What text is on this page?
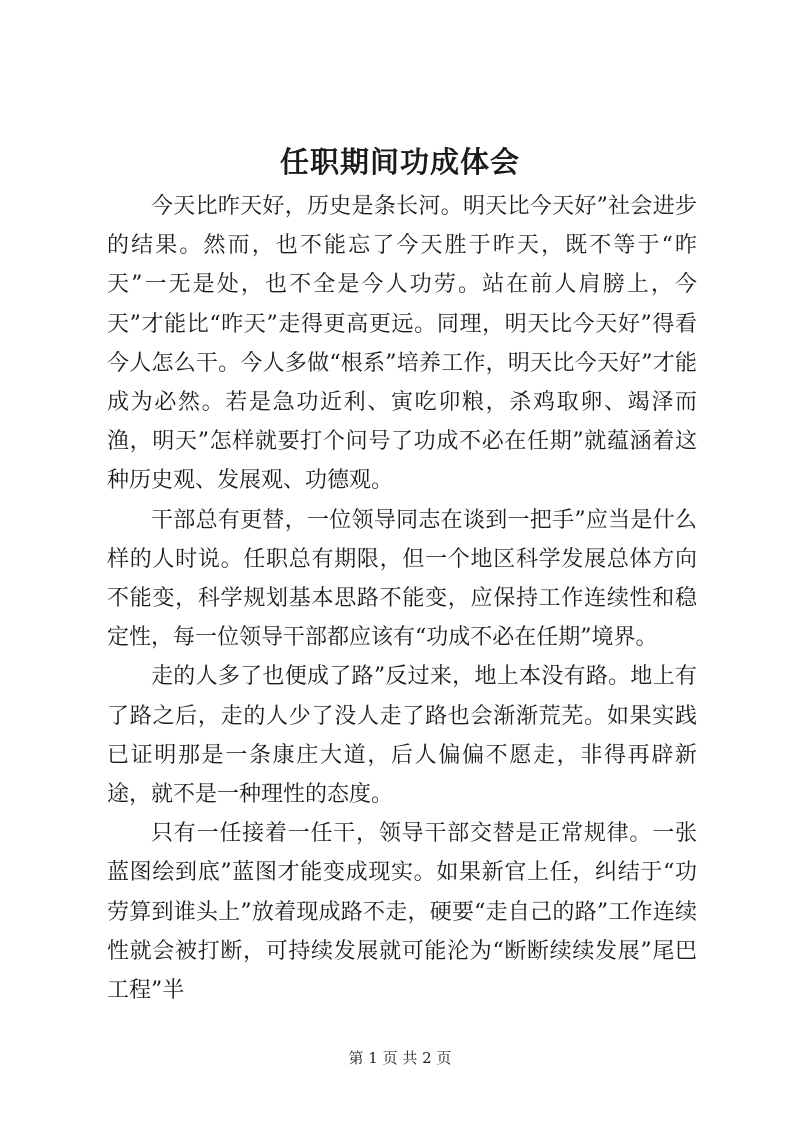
任职期间功成体会

今天比昨天好，历史是条长河。明天比今天好”社会进步的结果。然而，也不能忘了今天胜于昨天，既不等于“昨天”一无是处，也不全是今人功劳。站在前人肩膀上，今天”才能比“昨天”走得更高更远。同理，明天比今天好”得看今人怎么干。今人多做“根系”培养工作，明天比今天好”才能成为必然。若是急功近利、寅吃卯粮，杀鸡取卵、竭泽而渔，明天”怎样就要打个问号了功成不必在任期”就蕴涵着这种历史观、发展观、功德观。

干部总有更替，一位领导同志在谈到一把手”应当是什么样的人时说。任职总有期限，但一个地区科学发展总体方向不能变，科学规划基本思路不能变，应保持工作连续性和稳定性，每一位领导干部都应该有“功成不必在任期”境界。

走的人多了也便成了路”反过来，地上本没有路。地上有了路之后，走的人少了没人走了路也会渐渐荒芜。如果实践已证明那是一条康庄大道，后人偏偏不愿走，非得再辟新途，就不是一种理性的态度。

只有一任接着一任干，领导干部交替是正常规律。一张蓝图绘到底”蓝图才能变成现实。如果新官上任，纠结于“功劳算到谁头上”放着现成路不走，硬要“走自己的路”工作连续性就会被打断，可持续发展就可能沦为“断断续续发展”尾巴工程”半

第 1 页 共 2 页
